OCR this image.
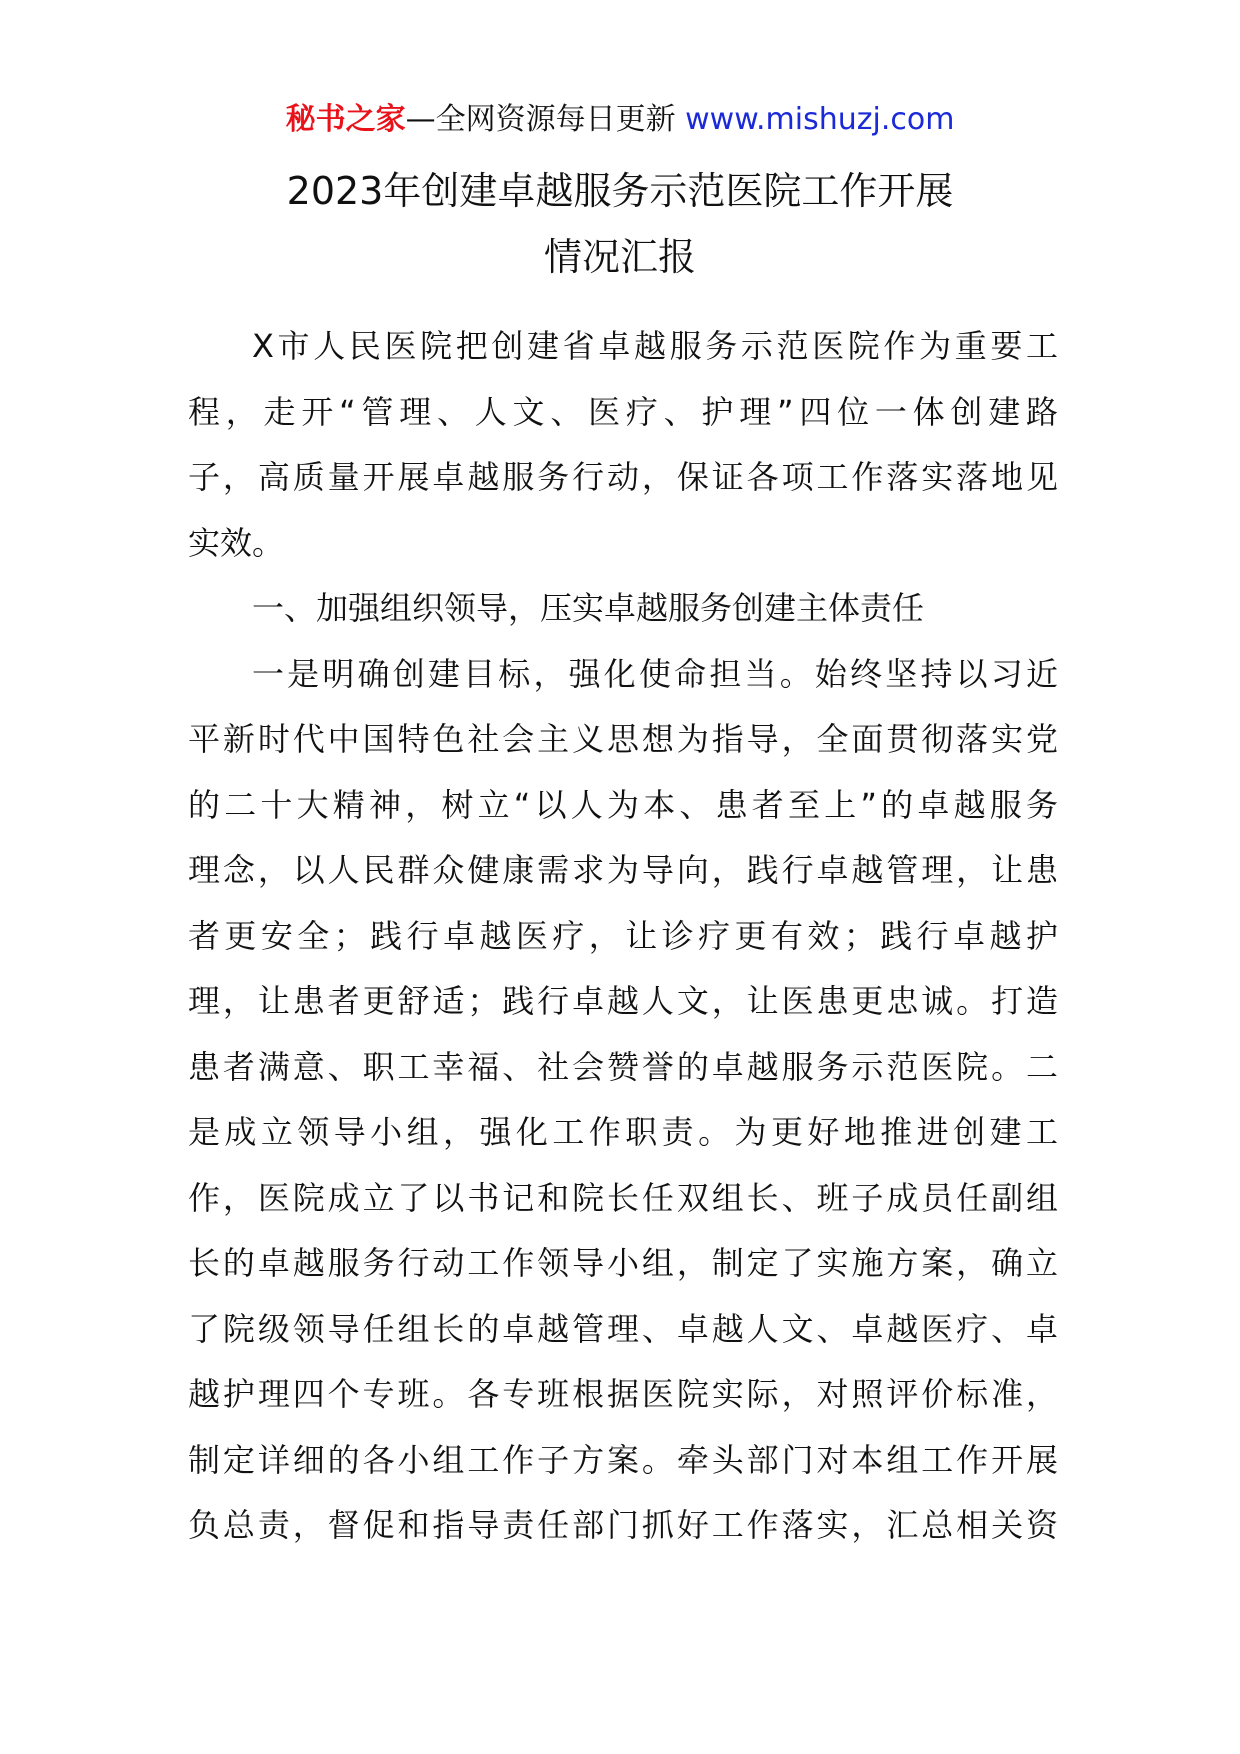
秘书之家—全网资源每日更新 www.mishuzj.com
2023年创建卓越服务示范医院工作开展
情况汇报
X市人民医院把创建省卓越服务示范医院作为重要工
程，走开“管理、人文、医疗、护理”四位一体创建路
子，高质量开展卓越服务行动，保证各项工作落实落地见
实效。
一、加强组织领导，压实卓越服务创建主体责任
一是明确创建目标，强化使命担当。始终坚持以习近
平新时代中国特色社会主义思想为指导，全面贯彻落实党
的二十大精神，树立“以人为本、患者至上”的卓越服务
理念，以人民群众健康需求为导向，践行卓越管理，让患
者更安全；践行卓越医疗，让诊疗更有效；践行卓越护
理，让患者更舒适；践行卓越人文，让医患更忠诚。打造
患者满意、职工幸福、社会赞誉的卓越服务示范医院。二
是成立领导小组，强化工作职责。为更好地推进创建工
作，医院成立了以书记和院长任双组长、班子成员任副组
长的卓越服务行动工作领导小组，制定了实施方案，确立
了院级领导任组长的卓越管理、卓越人文、卓越医疗、卓
越护理四个专班。各专班根据医院实际，对照评价标准，
制定详细的各小组工作子方案。牵头部门对本组工作开展
负总责，督促和指导责任部门抓好工作落实，汇总相关资
